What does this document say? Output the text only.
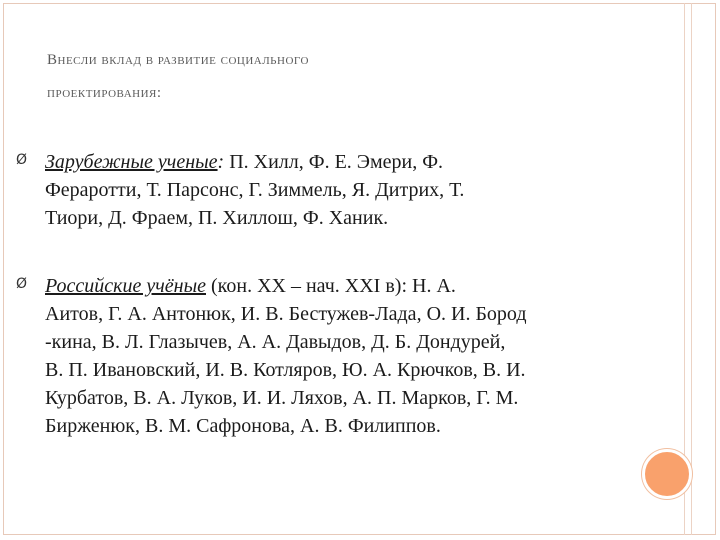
Внесли вклад в развитие социального
проектирования:
Ø Зарубежные ученые: П. Хилл, Ф. Е. Эмери, Ф.
Фераротти, Т. Парсонс, Г. Зиммель, Я. Дитрих, Т.
Тиори, Д. Фраем, П. Хиллош, Ф. Ханик.
Ø Российские учёные (кон. XX – нач. XXI в): Н. А.
Аитов, Г. А. Антонюк, И. В. Бестужев-Лада, О. И. Бород
-кина, В. Л. Глазычев, А. А. Давыдов, Д. Б. Дондурей,
В. П. Ивановский, И. В. Котляров, Ю. А. Крючков, В. И.
Курбатов, В. А. Луков, И. И. Ляхов, А. П. Марков, Г. М.
Бирженюк, В. М. Сафронова, А. В. Филиппов.
